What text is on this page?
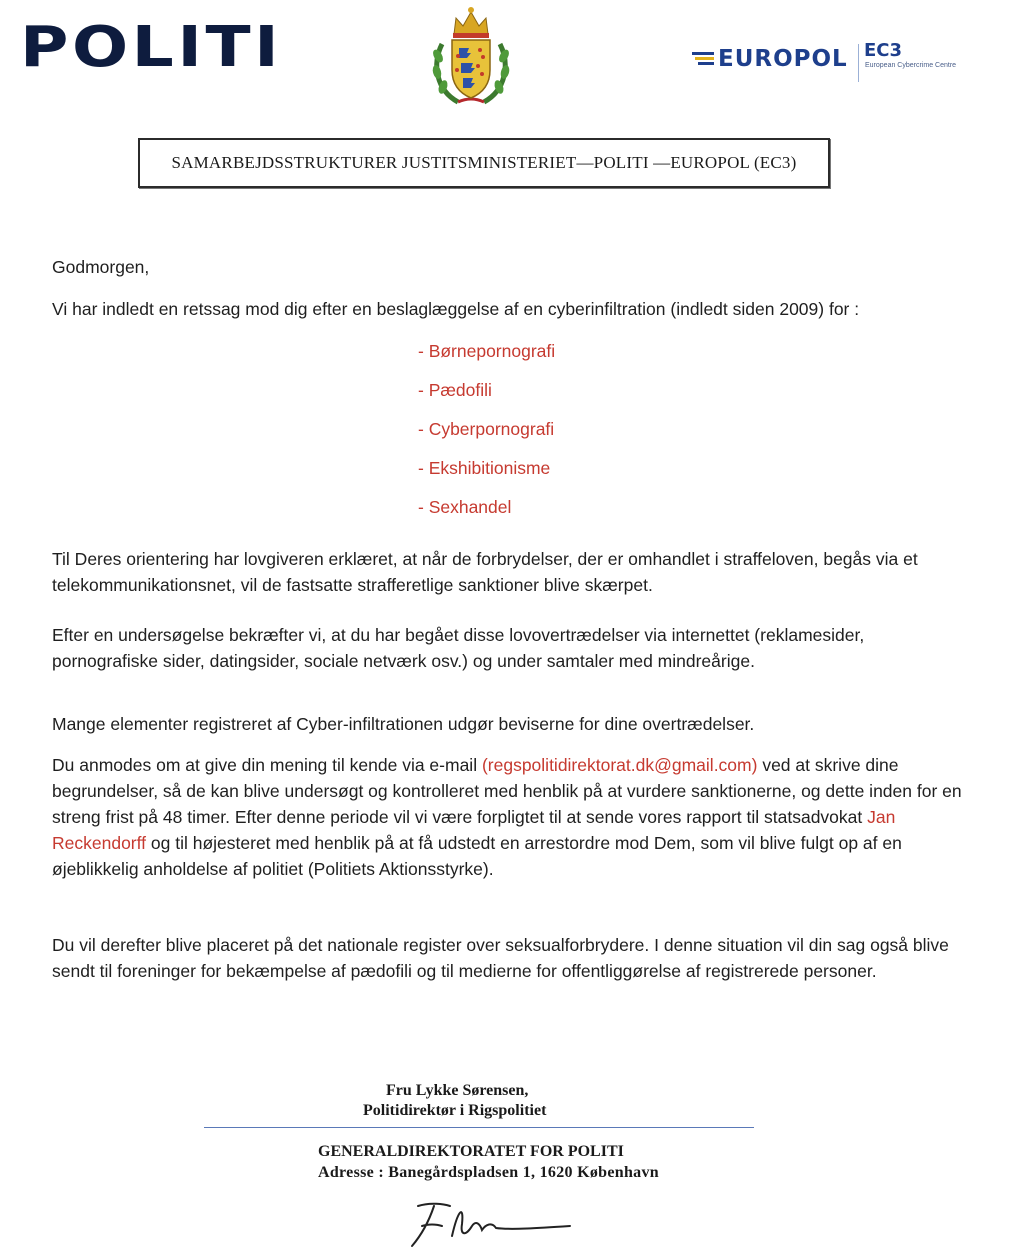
POLITI	EUROPOL EC3
European Cybercrime Centre
SAMARBEJDSSTRUKTURER JUSTITSMINISTERIET—POLITI —EUROPOL (EC3)
Godmorgen,
Vi har indledt en retssag mod dig efter en beslaglæggelse af en cyberinfiltration (indledt siden 2009) for :
- Børnepornografi
- Pædofili
- Cyberpornografi
- Ekshibitionisme
- Sexhandel
Til Deres orientering har lovgiveren erklæret, at når de forbrydelser, der er omhandlet i straffeloven, begås via et telekommunikationsnet, vil de fastsatte strafferetlige sanktioner blive skærpet.
Efter en undersøgelse bekræfter vi, at du har begået disse lovovertrædelser via internettet (reklamesider, pornografiske sider, datingsider, sociale netværk osv.) og under samtaler med mindreårige.
Mange elementer registreret af Cyber-infiltrationen udgør beviserne for dine overtrædelser.
Du anmodes om at give din mening til kende via e-mail (regspolitidirektorat.dk@gmail.com) ved at skrive dine begrundelser, så de kan blive undersøgt og kontrolleret med henblik på at vurdere sanktionerne, og dette inden for en streng frist på 48 timer. Efter denne periode vil vi være forpligtet til at sende vores rapport til statsadvokat Jan Reckendorff og til højesteret med henblik på at få udstedt en arrestordre mod Dem, som vil blive fulgt op af en øjeblikkelig anholdelse af politiet (Politiets Aktionsstyrke).
Du vil derefter blive placeret på det nationale register over seksualforbrydere. I denne situation vil din sag også blive sendt til foreninger for bekæmpelse af pædofili og til medierne for offentliggørelse af registrerede personer.
Fru Lykke Sørensen,
Politidirektør i Rigspolitiet
GENERALDIREKTORATET FOR POLITI
Adresse : Banegårdspladsen 1, 1620 København
